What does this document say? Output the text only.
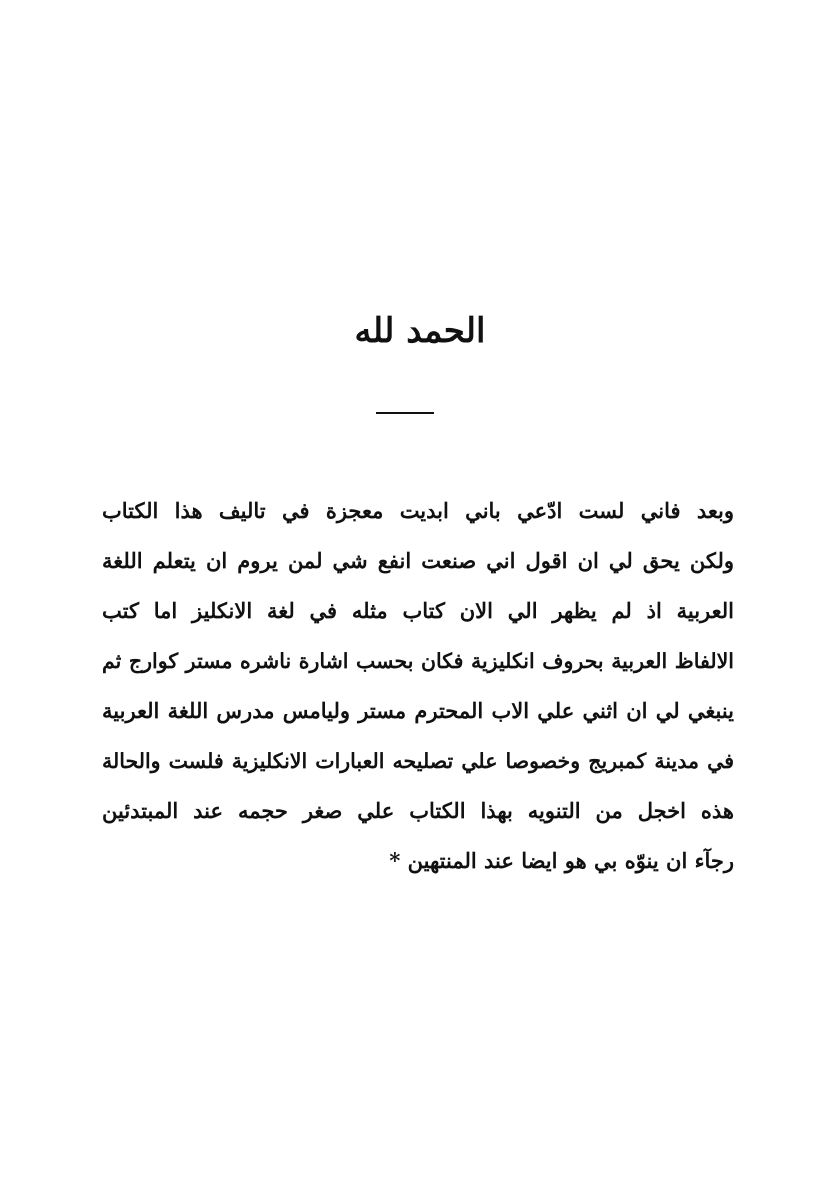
الحمد لله
وبعد فاني لست ادّعي باني ابديت معجزة في تاليف هذا الكتاب
ولكن يحق لي ان اقول اني صنعت انفع شي لمن يروم ان يتعلم اللغة
العربية اذ لم يظهر الي الان كتاب مثله في لغة الانكليز اما كتب
الالفاظ العربية بحروف انكليزية فكان بحسب اشارة ناشره مستر كوارج ثم
ينبغي لي ان اثني علي الاب المحترم مستر وليامس مدرس اللغة العربية
في مدينة كمبريج وخصوصا علي تصليحه العبارات الانكليزية فلست والحالة
هذه اخجل من التنويه بهذا الكتاب علي صغر حجمه عند المبتدئين
رجآء ان ينوّه بي هو ايضا عند المنتهين *
